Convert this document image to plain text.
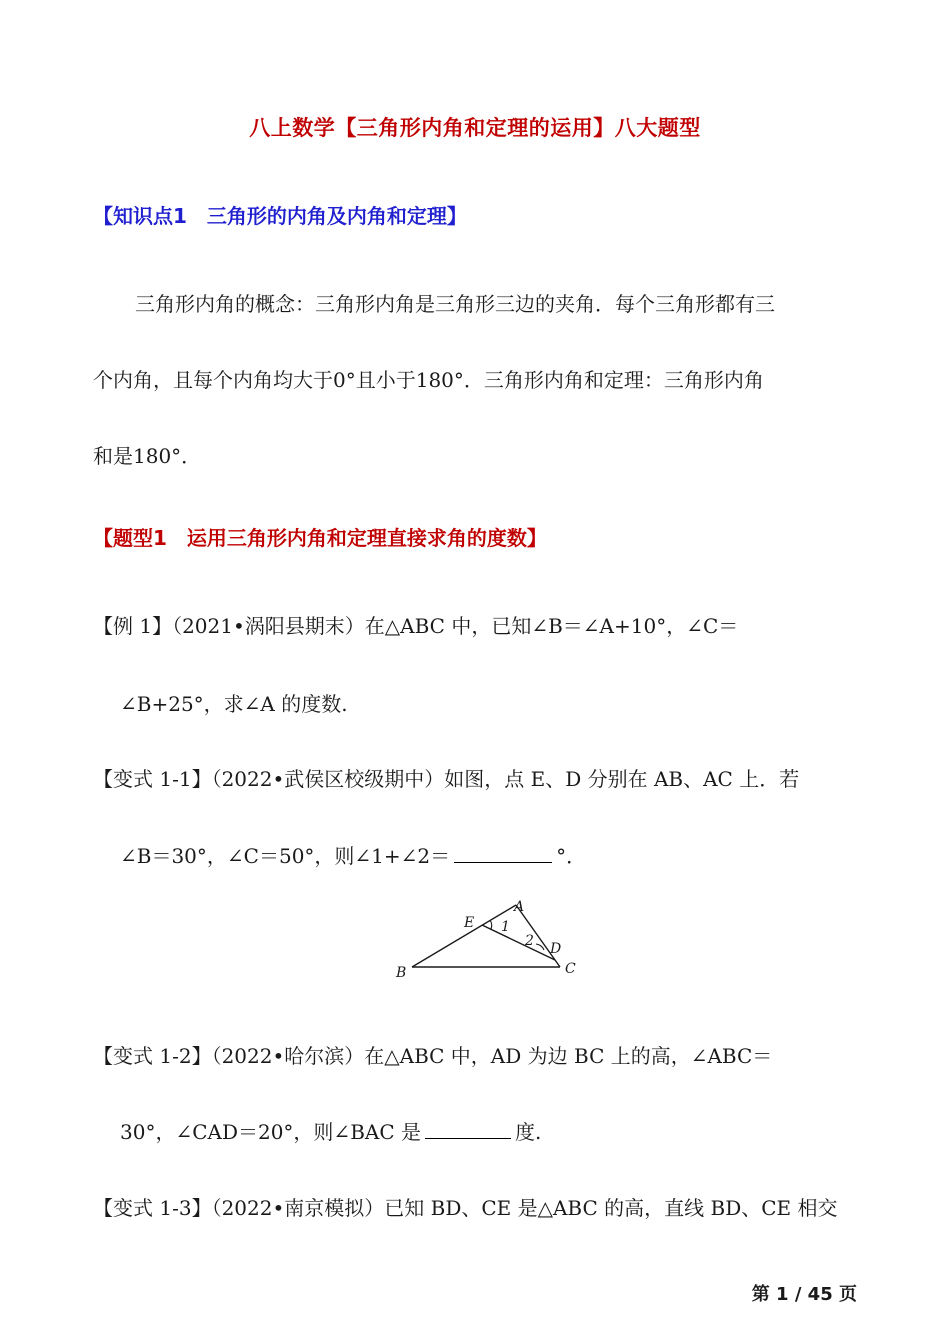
八上数学【三角形内角和定理的运用】八大题型
【知识点1　三角形的内角及内角和定理】
三角形内角的概念：三角形内角是三角形三边的夹角．每个三角形都有三
个内角，且每个内角均大于0°且小于180°．三角形内角和定理：三角形内角
和是180°．
【题型1　运用三角形内角和定理直接求角的度数】
【例 1】（2021•涡阳县期末）在△ABC 中，已知∠B＝∠A+10°，∠C＝
∠B+25°，求∠A 的度数.
【变式 1-1】（2022•武侯区校级期中）如图，点 E、D 分别在 AB、AC 上．若
∠B＝30°，∠C＝50°，则∠1+∠2＝	°．
A
B	C
D
E 1
2
【变式 1-2】（2022•哈尔滨）在△ABC 中，AD 为边 BC 上的高，∠ABC＝
30°，∠CAD＝20°，则∠BAC 是	度.
【变式 1-3】（2022•南京模拟）已知 BD、CE 是△ABC 的高，直线 BD、CE 相交
第 1 / 45 页
